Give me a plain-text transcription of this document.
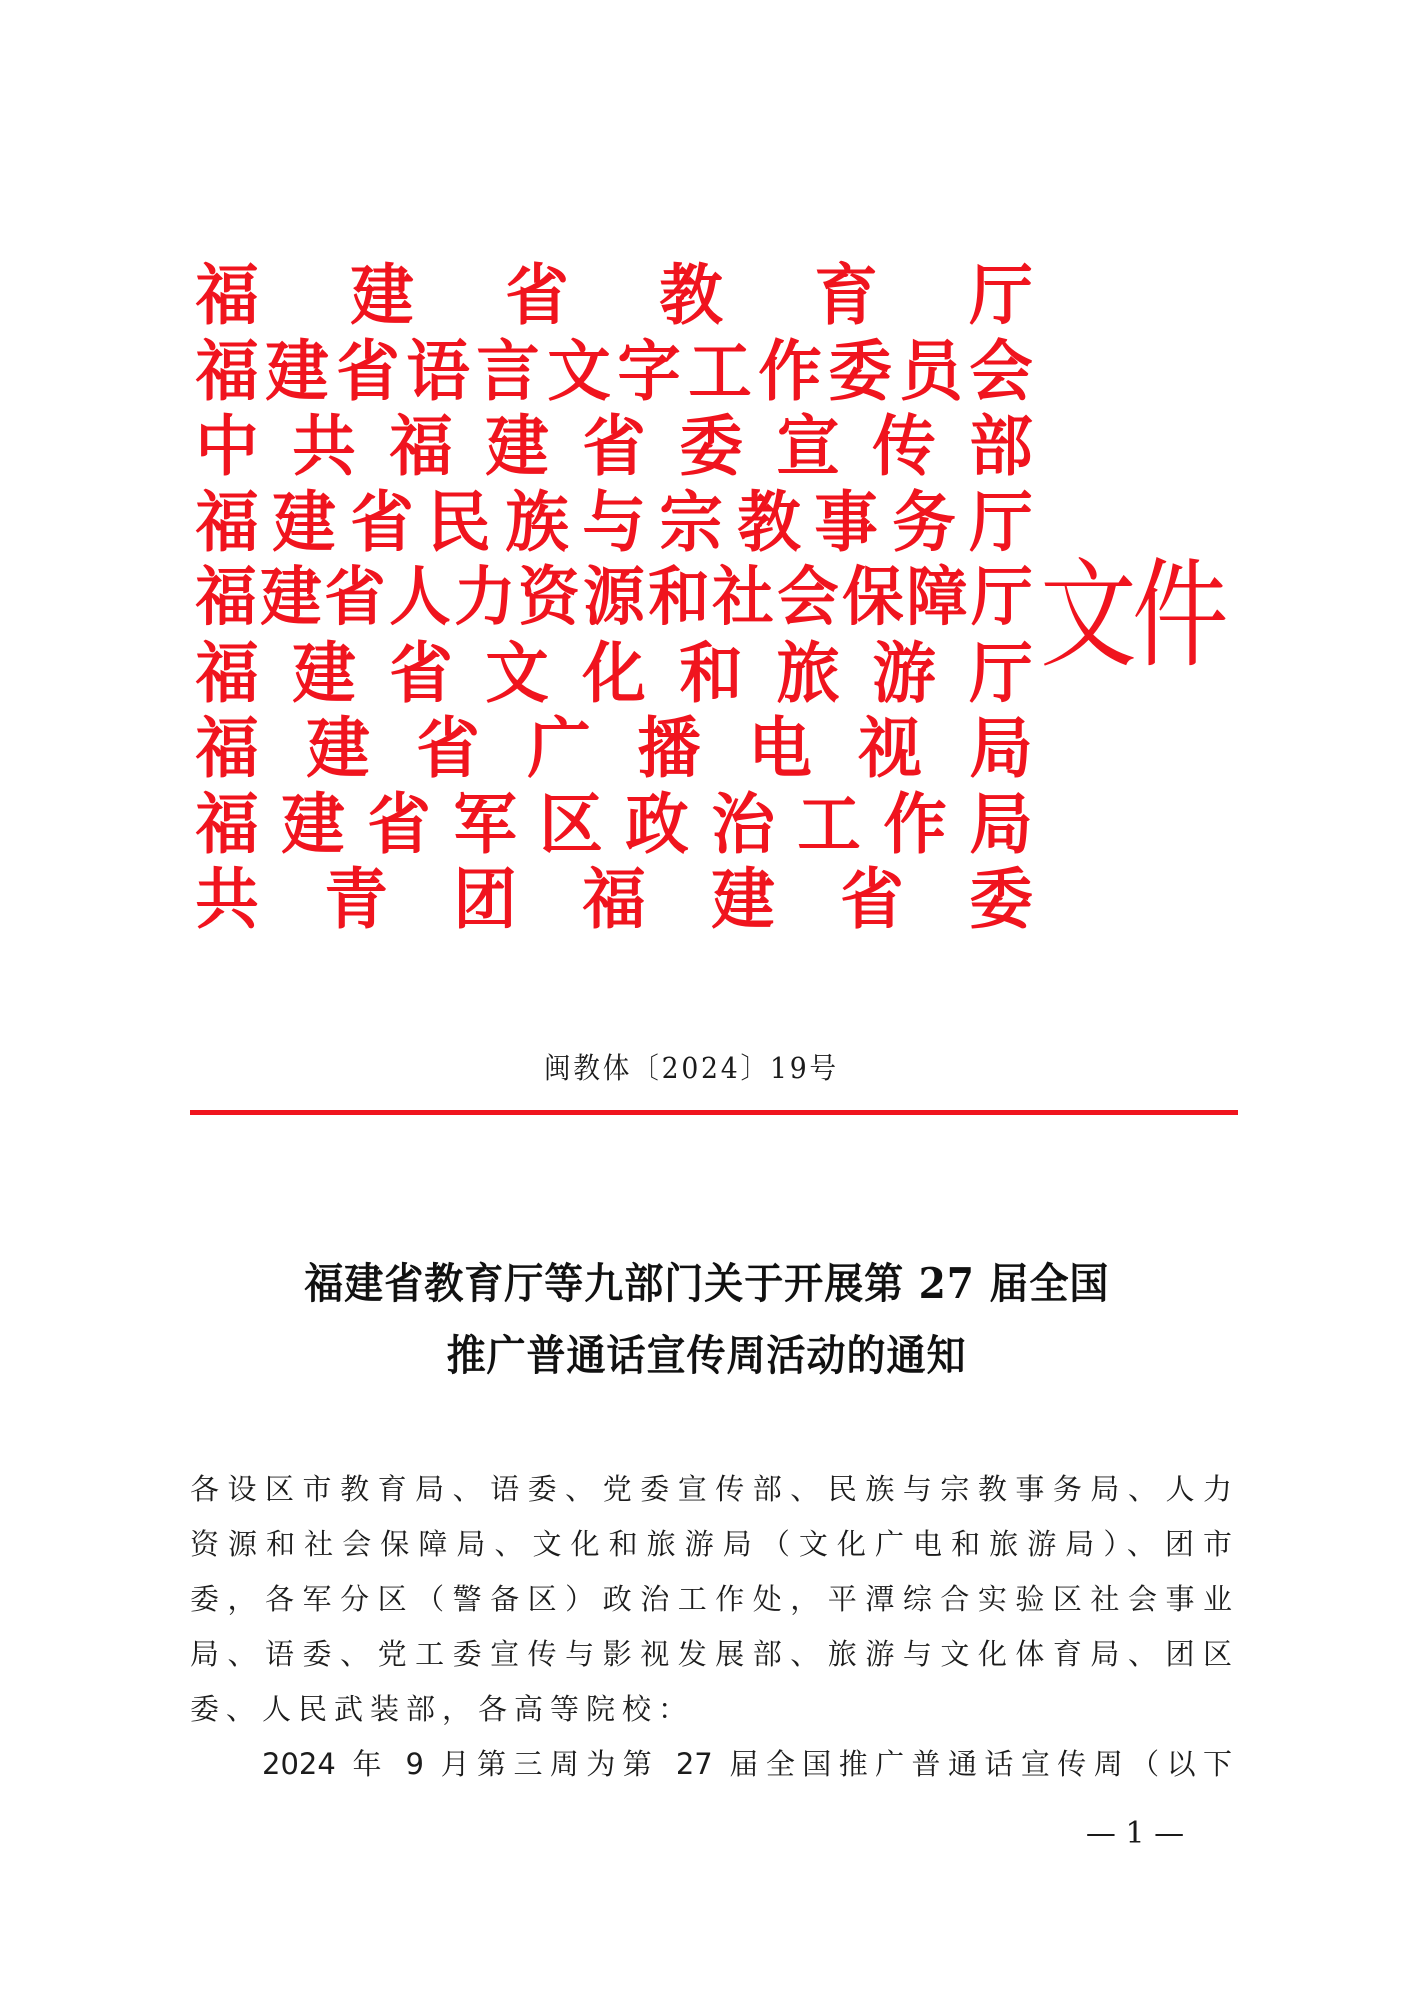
福 建 省 教 育 厅
福 建 省 语 言 文 字 工 作 委 员 会
中 共 福 建 省 委 宣 传 部
福 建 省 民 族 与 宗 教 事 务 厅
福 建 省 人 力 资 源 和 社 会 保 障 厅
福 建 省 文 化 和 旅 游 厅
福 建 省 广 播 电 视 局
福 建 省 军 区 政 治 工 作 局
共 青 团 福 建 省 委
文件
闽教体〔2024〕19号
福建省教育厅等九部门关于开展第 27 届全国
推广普通话宣传周活动的通知
各设区市教育局、语委、党委宣传部、民族与宗教事务局、人力
资源和社会保障局、文化和旅游局（文化广电和旅游局）、团市
委，各军分区（警备区）政治工作处，平潭综合实验区社会事业
局、语委、党工委宣传与影视发展部、旅游与文化体育局、团区
委、人民武装部，各高等院校：
2024 年 9 月第三周为第 27 届全国推广普通话宣传周（以下
— 1 —
